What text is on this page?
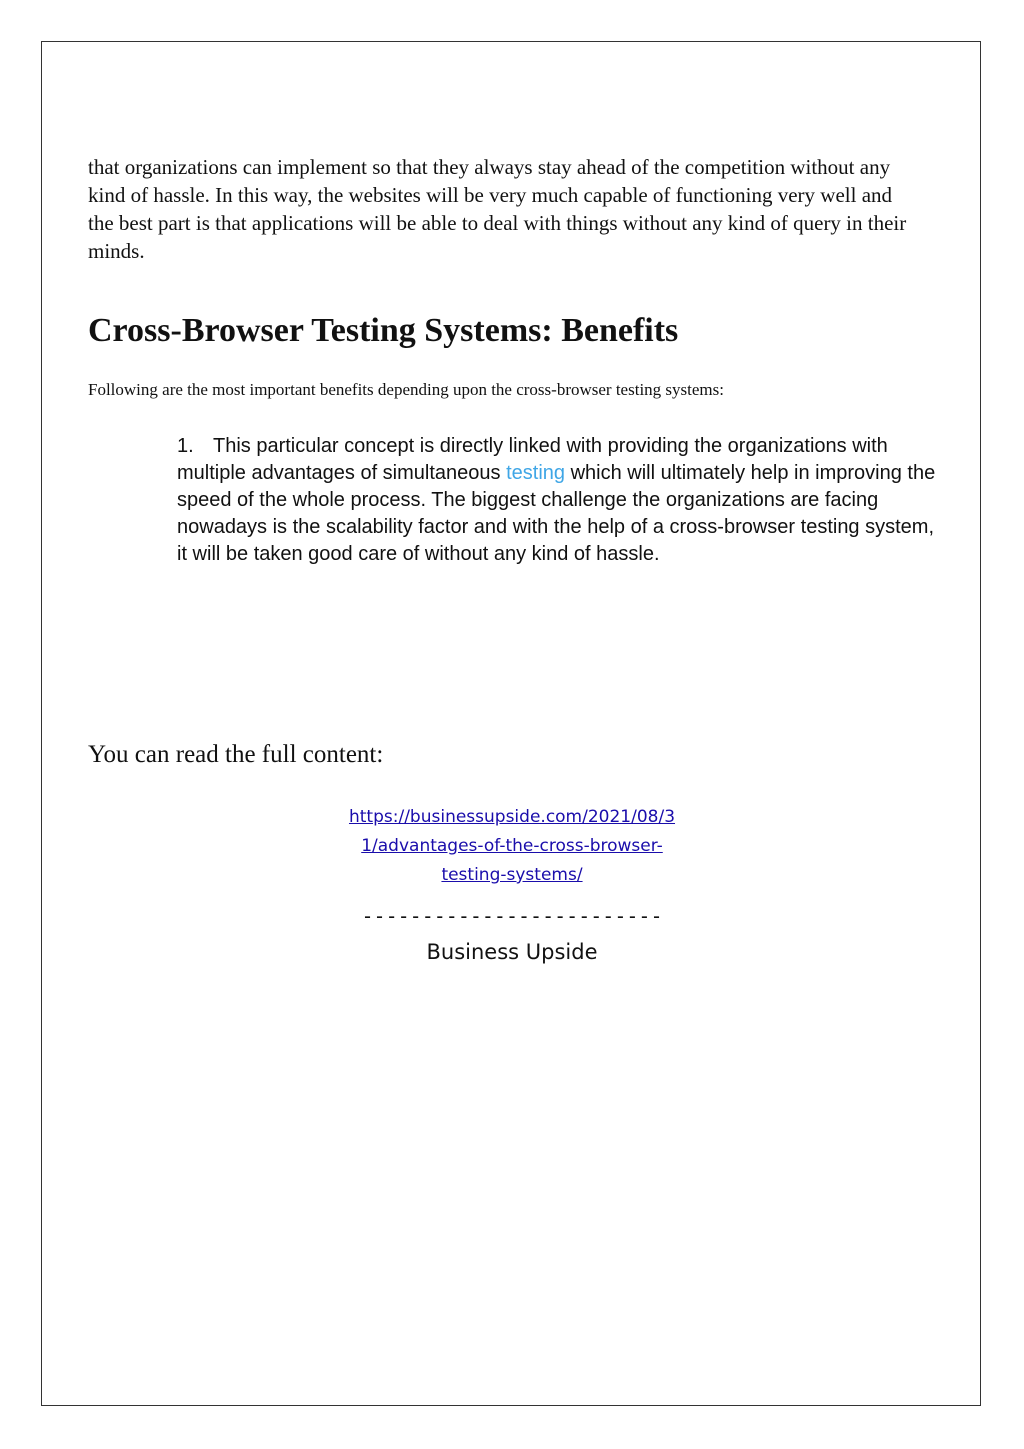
that organizations can implement so that they always stay ahead of the competition without any kind of hassle. In this way, the websites will be very much capable of functioning very well and the best part is that applications will be able to deal with things without any kind of query in their minds.

Cross-Browser Testing Systems: Benefits

Following are the most important benefits depending upon the cross-browser testing systems:

1. This particular concept is directly linked with providing the organizations with multiple advantages of simultaneous testing which will ultimately help in improving the speed of the whole process. The biggest challenge the organizations are facing nowadays is the scalability factor and with the help of a cross-browser testing system, it will be taken good care of without any kind of hassle.

You can read the full content:

https://businessupside.com/2021/08/3
1/advantages-of-the-cross-browser-
testing-systems/
-------------------------
Business Upside
